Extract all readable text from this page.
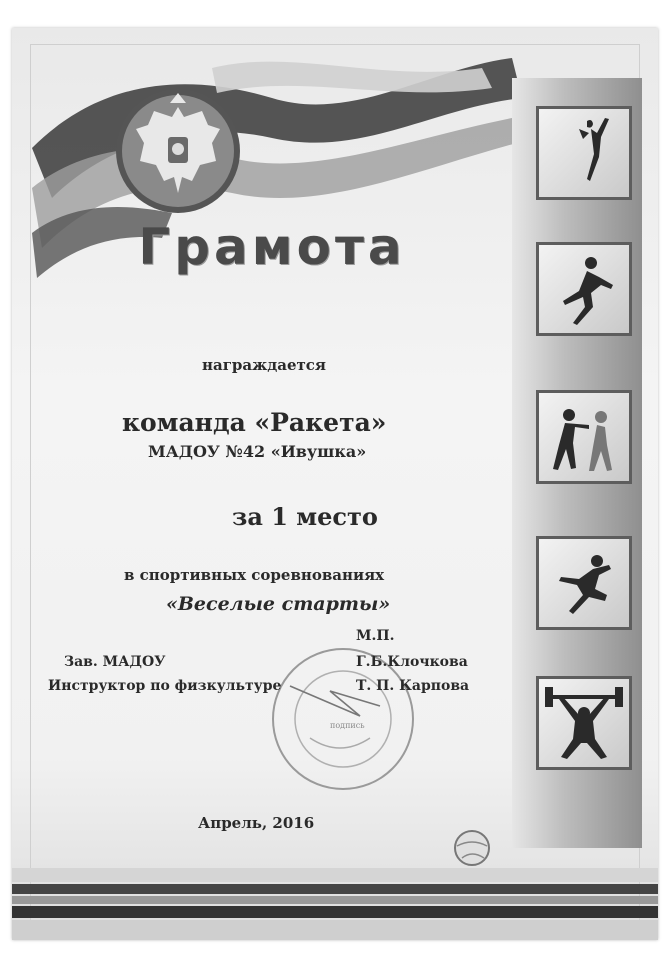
Грамота
награждается
команда «Ракета»
МАДОУ №42 «Ивушка»
за 1 место
в спортивных соревнованиях
«Веселые старты»
подпись
М.П.
Зав. МАДОУ	Г.Б.Клочкова
Инструктор по физкультуре	Т. П. Карпова
Апрель, 2016
